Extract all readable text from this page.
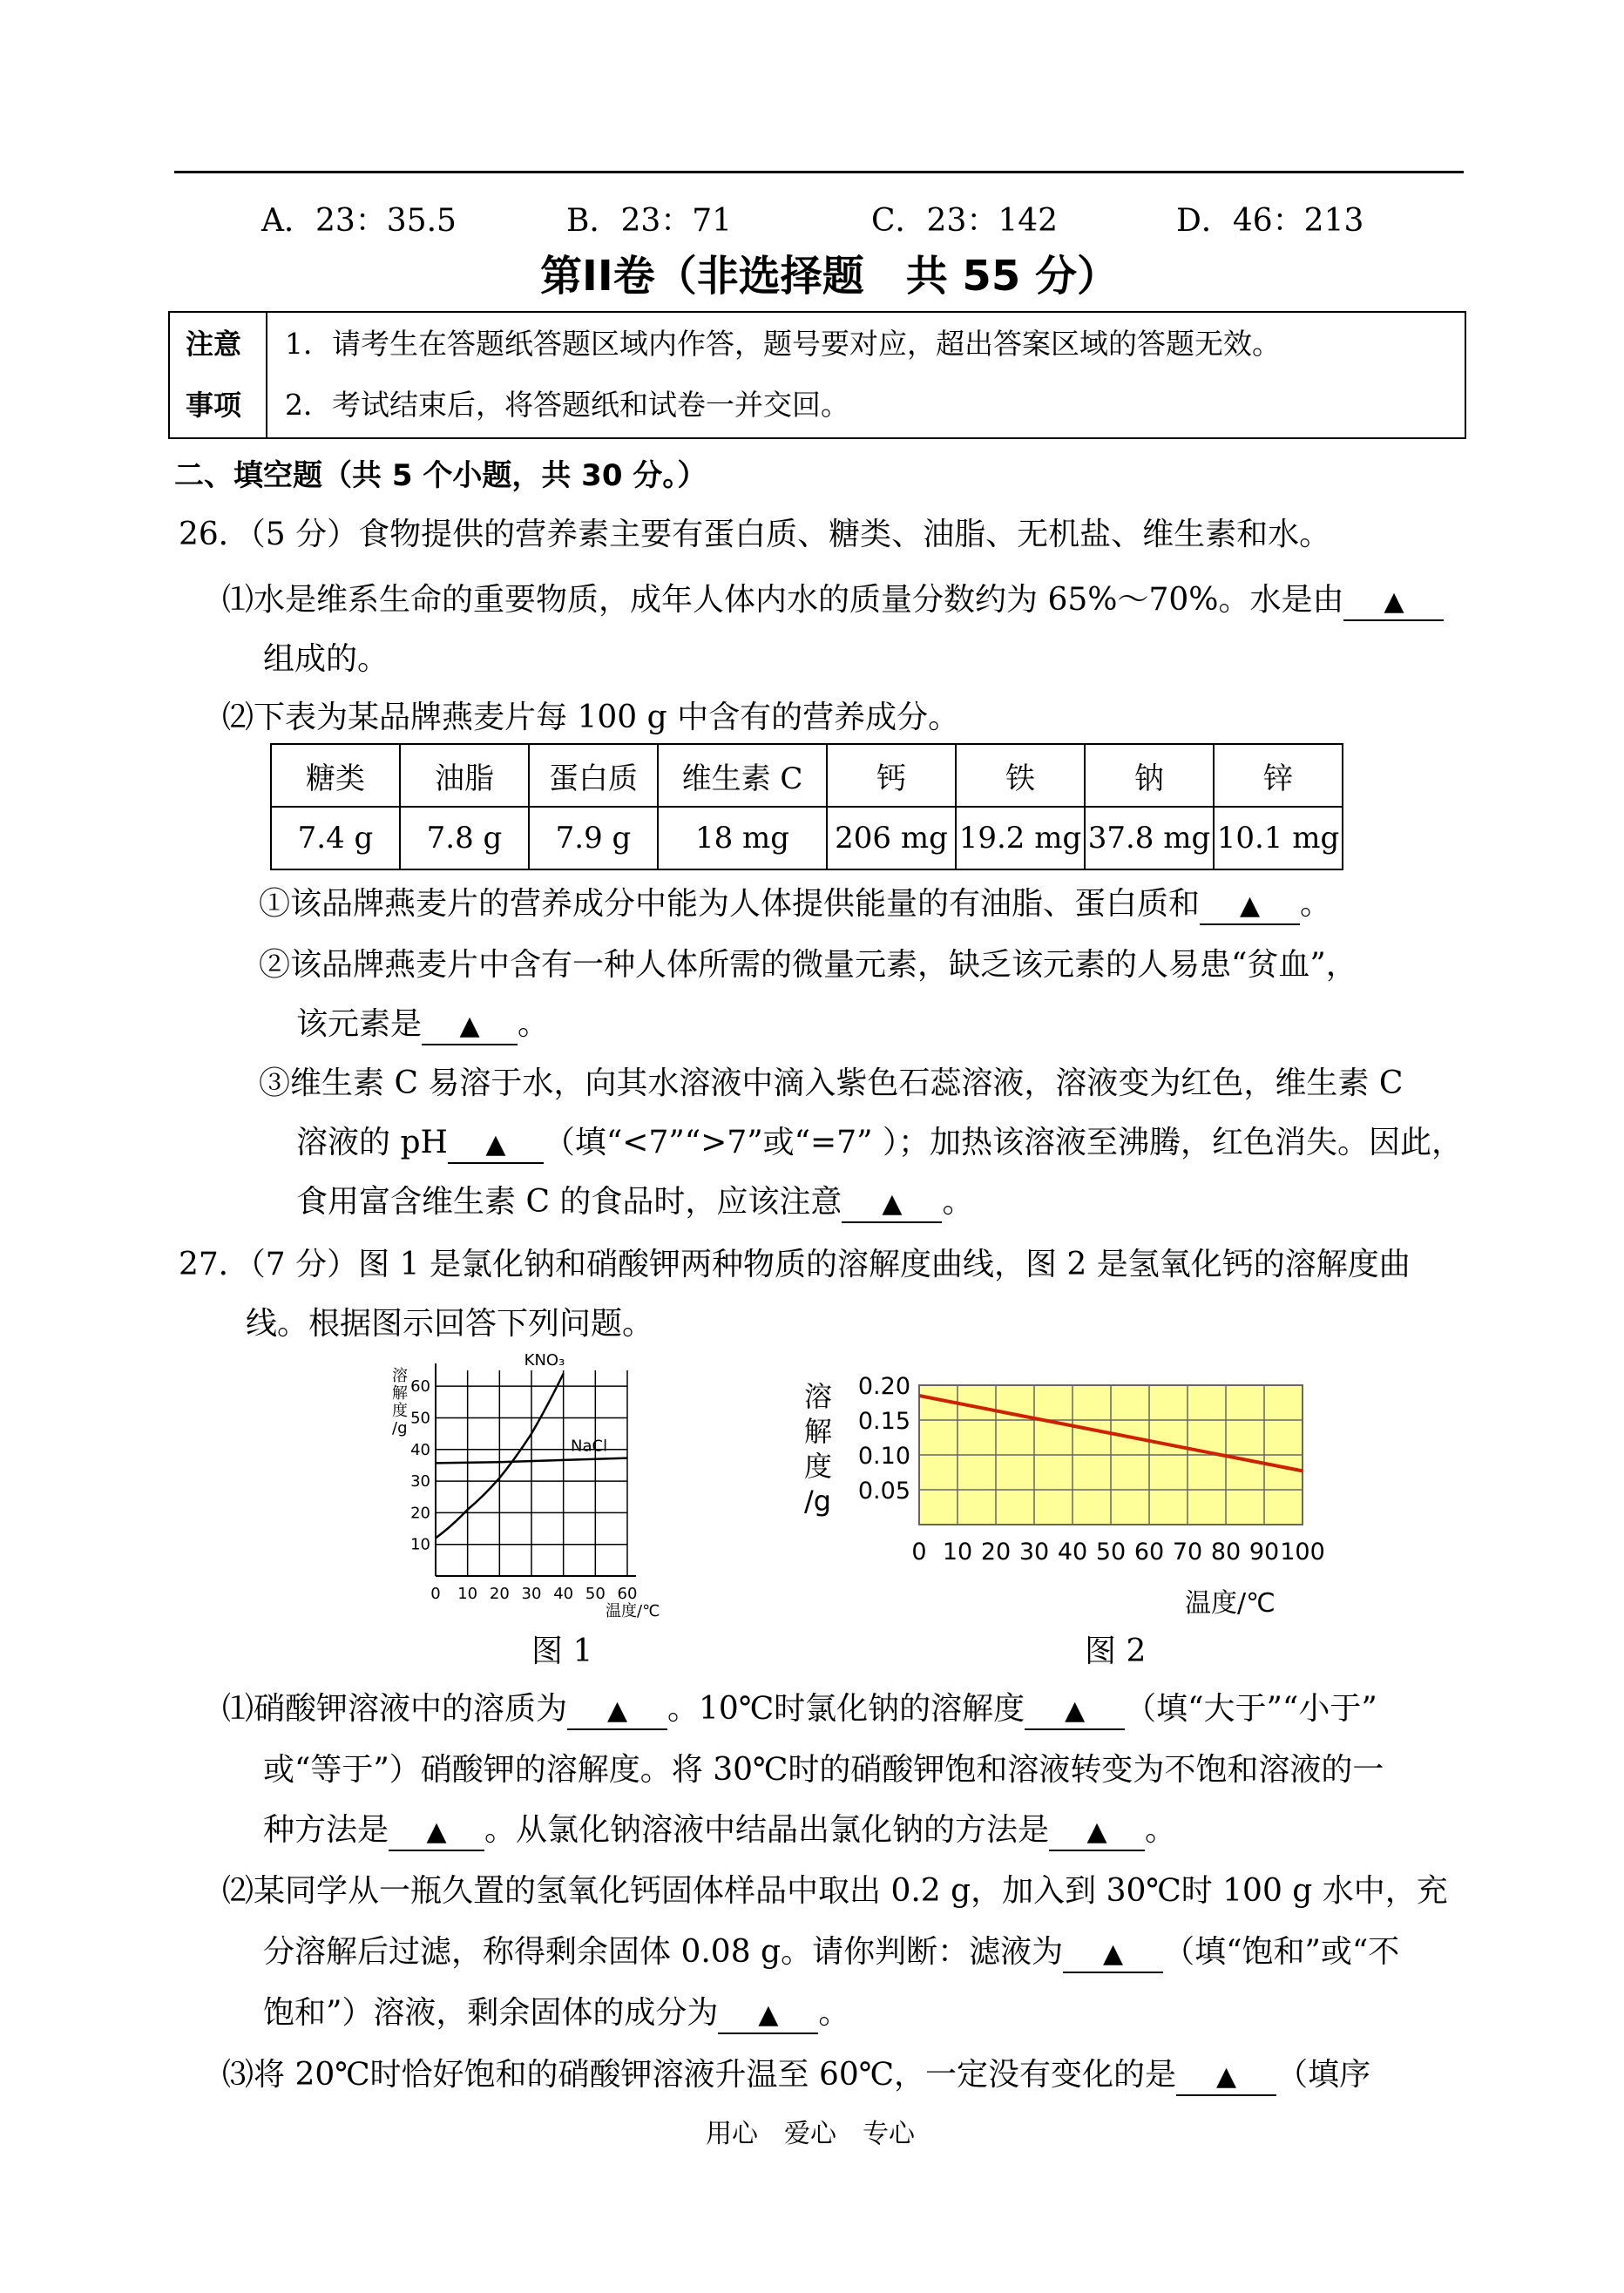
A．23：35.5	B．23：71	C．23：142	D．46：213
第II卷（非选择题　共 55 分）
注意
事项
1．请考生在答题纸答题区域内作答，题号要对应，超出答案区域的答题无效。
2．考试结束后，将答题纸和试卷一并交回。
二、填空题（共 5 个小题，共 30 分。）
26．（5 分）食物提供的营养素主要有蛋白质、糖类、油脂、无机盐、维生素和水。
⑴水是维系生命的重要物质，成年人体内水的质量分数约为 65%～70%。水是由 ▲
组成的。
⑵下表为某品牌燕麦片每 100 g 中含有的营养成分。
糖类	油脂	蛋白质	维生素 C	钙	铁	钠	锌
7.4 g	7.8 g	7.9 g	18 mg	206 mg	19.2 mg	37.8 mg	10.1 mg
①该品牌燕麦片的营养成分中能为人体提供能量的有油脂、蛋白质和 ▲ 。
②该品牌燕麦片中含有一种人体所需的微量元素，缺乏该元素的人易患“贫血”，
该元素是 ▲ 。
③维生素 C 易溶于水，向其水溶液中滴入紫色石蕊溶液，溶液变为红色，维生素 C
溶液的 pH ▲ （填“<7”“>7”或“=7” ）；加热该溶液至沸腾，红色消失。因此，
食用富含维生素 C 的食品时，应该注意 ▲ 。
27．（7 分）图 1 是氯化钠和硝酸钾两种物质的溶解度曲线，图 2 是氢氧化钙的溶解度曲
线。根据图示回答下列问题。
0 10 20 30 40 50 60
10
20
30
40
50
60
KNO₃
NaCl
溶 解 度 /g
温度/℃
图 1
0 10 20 30 40 50 60 70 80 90 100
0.05
0.10
0.15
0.20
溶
解
度
/g
温度/℃
图 2
⑴硝酸钾溶液中的溶质为 ▲ 。10℃时氯化钠的溶解度 ▲ （填“大于”“小于”
或“等于”）硝酸钾的溶解度。将 30℃时的硝酸钾饱和溶液转变为不饱和溶液的一
种方法是 ▲ 。从氯化钠溶液中结晶出氯化钠的方法是 ▲ 。
⑵某同学从一瓶久置的氢氧化钙固体样品中取出 0.2 g，加入到 30℃时 100 g 水中，充
分溶解后过滤，称得剩余固体 0.08 g。请你判断：滤液为 ▲ （填“饱和”或“不
饱和”）溶液，剩余固体的成分为 ▲ 。
⑶将 20℃时恰好饱和的硝酸钾溶液升温至 60℃，一定没有变化的是 ▲ （填序
用心　爱心　专心
